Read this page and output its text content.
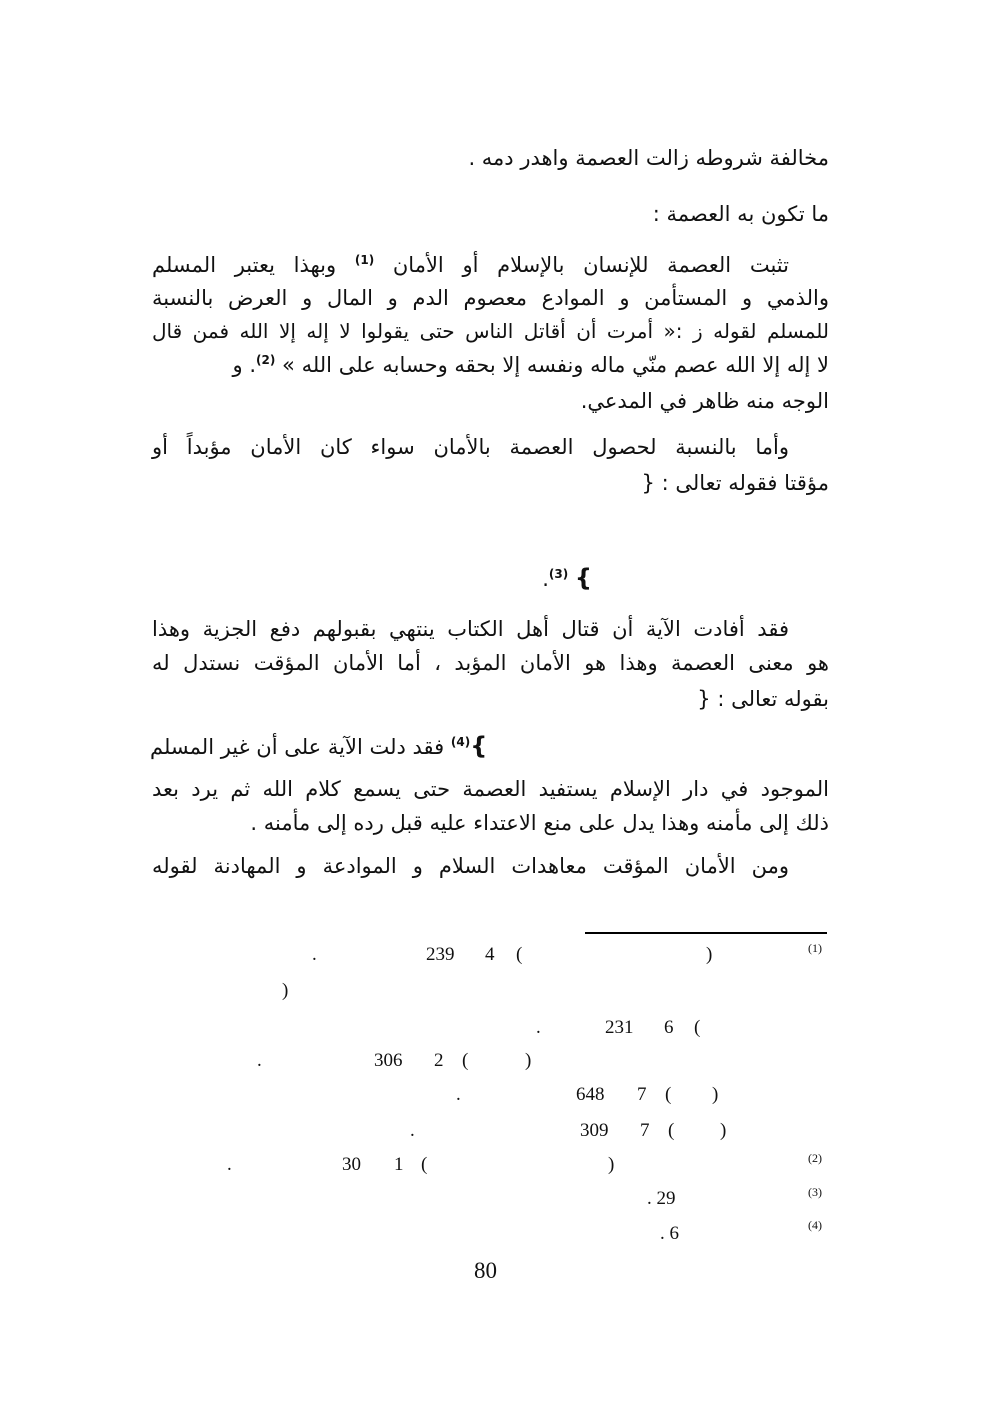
مخالفة شروطه زالت العصمة واهدر دمه .
ما تكون به العصمة :
تثبت العصمة للإنسان بالإسلام أو الأمان $^{(1)}$ وبهذا يعتبر المسلم
والذمي و المستأمن و الموادع معصوم الدم و المال و العرض بالنسبة
للمسلم لقوله ز :« أمرت أن أقاتل الناس حتى يقولوا لا إله إلا الله فمن قال
لا إله إلا الله عصم منّي ماله ونفسه إلا بحقه وحسابه على الله » $^{(2)}$. و
الوجه منه ظاهر في المدعي.
وأما بالنسبة لحصول العصمة بالأمان سواء كان الأمان مؤبداً أو
مؤقتا فقوله تعالى : {
} $^{(3)}$.
فقد أفادت الآية أن قتال أهل الكتاب ينتهي بقبولهم دفع الجزية وهذا
هو معنى العصمة وهذا هو الأمان المؤبد ، أما الأمان المؤقت نستدل له
بقوله تعالى : {
}$^{(4)}$ فقد دلت الآية على أن غير المسلم
الموجود في دار الإسلام يستفيد العصمة حتى يسمع كلام الله ثم يرد بعد
ذلك إلى مأمنه وهذا يدل على منع الاعتداء عليه قبل رده إلى مأمنه .
ومن الأمان المؤقت معاهدات السلام و الموادعة و المهادنة لقوله
(1)
)
(
4
239
.
)
(
6
231
.
)
(
2
306
.
)
(
7
648
.
)
(
7
309
.
(2)
)
(
1
30
.
(3)
. 29
(4)
. 6
80
